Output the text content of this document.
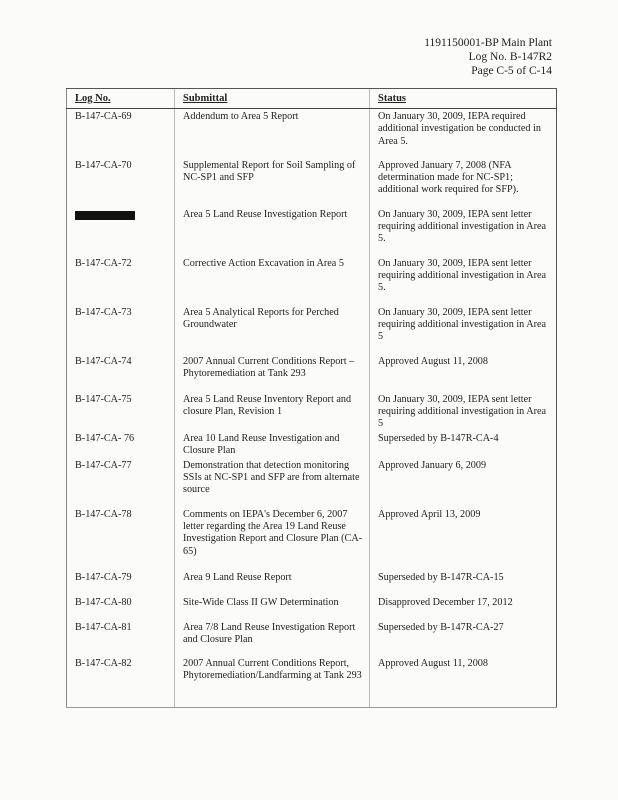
1191150001-BP Main Plant
Log No. B-147R2
Page C-5 of C-14
Log No.	Submittal	Status
B-147-CA-69	Addendum to Area 5 Report	On January 30, 2009, IEPA required additional investigation be conducted in Area 5.
B-147-CA-70	Supplemental Report for Soil Sampling of NC-SP1 and SFP	Approved January 7, 2008 (NFA determination made for NC-SP1; additional work required for SFP).
	Area 5 Land Reuse Investigation Report	On January 30, 2009, IEPA sent letter requiring additional investigation in Area 5.
B-147-CA-72	Corrective Action Excavation in Area 5	On January 30, 2009, IEPA sent letter requiring additional investigation in Area 5.
B-147-CA-73	Area 5 Analytical Reports for Perched Groundwater	On January 30, 2009, IEPA sent letter requiring additional investigation in Area 5
B-147-CA-74	2007 Annual Current Conditions Report – Phytoremediation at Tank 293	Approved August 11, 2008
B-147-CA-75	Area 5 Land Reuse Inventory Report and closure Plan, Revision 1	On January 30, 2009, IEPA sent letter requiring additional investigation in Area 5
B-147-CA- 76	Area 10 Land Reuse Investigation and Closure Plan	Superseded by B-147R-CA-4
B-147-CA-77	Demonstration that detection monitoring SSIs at NC-SP1 and SFP are from alternate source	Approved January 6, 2009
B-147-CA-78	Comments on IEPA's December 6, 2007 letter regarding the Area 19 Land Reuse Investigation Report and Closure Plan (CA-65)	Approved April 13, 2009
B-147-CA-79	Area 9 Land Reuse Report	Superseded by B-147R-CA-15
B-147-CA-80	Site-Wide Class II GW Determination	Disapproved December 17, 2012
B-147-CA-81	Area 7/8 Land Reuse Investigation Report and Closure Plan	Superseded by B-147R-CA-27
B-147-CA-82	2007 Annual Current Conditions Report, Phytoremediation/Landfarming at Tank 293	Approved August 11, 2008
